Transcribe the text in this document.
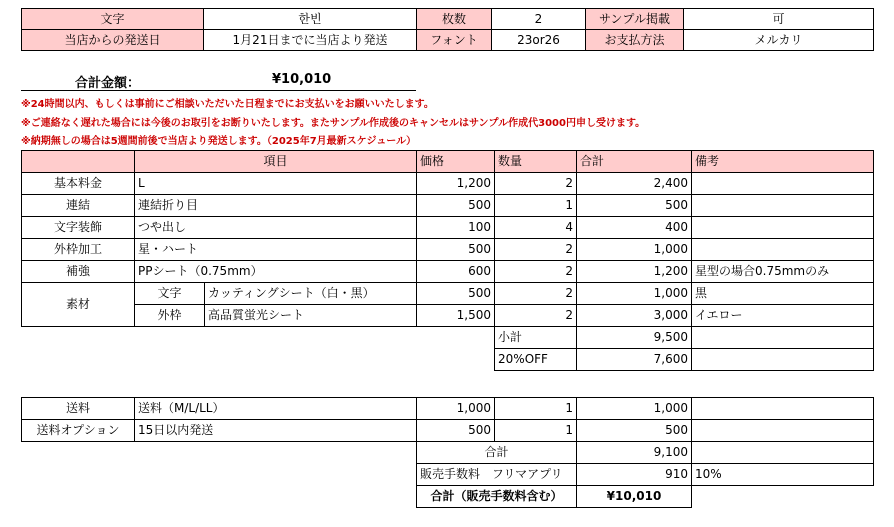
文字	한빈	枚数	2	サンプル掲載	可
当店からの発送日	1月21日までに当店より発送	フォント	23or26	お支払方法	メルカリ
合計金額：	¥10,010
※24時間以内、もしくは事前にご相談いただいた日程までにお支払いをお願いいたします。
※ご連絡なく遅れた場合には今後のお取引をお断りいたします。またサンプル作成後のキャンセルはサンプル作成代3000円申し受けます。
※納期無しの場合は5週間前後で当店より発送します。（2025年7月最新スケジュール）
	項目		価格	数量	合計	備考
基本料金	L		1,200	2	2,400	
連結	連結折り目		500	1	500	
文字装飾	つや出し		100	4	400	
外枠加工	星・ハート		500	2	1,000	
補強	PPシート（0.75mm）		600	2	1,200	星型の場合0.75mmのみ
素材	文字	カッティングシート（白・黒）	500	2	1,000	黒
	外枠	高品質蛍光シート	1,500	2	3,000	イエロー
				小計	9,500	
				20%OFF	7,600	
送料	送料（M/L/LL）	1,000	1	1,000	
送料オプション	15日以内発送	500	1	500	
		合計		9,100	
		販売手数料 フリマアプリ		910	10%
		合計（販売手数料含む）		¥10,010	
